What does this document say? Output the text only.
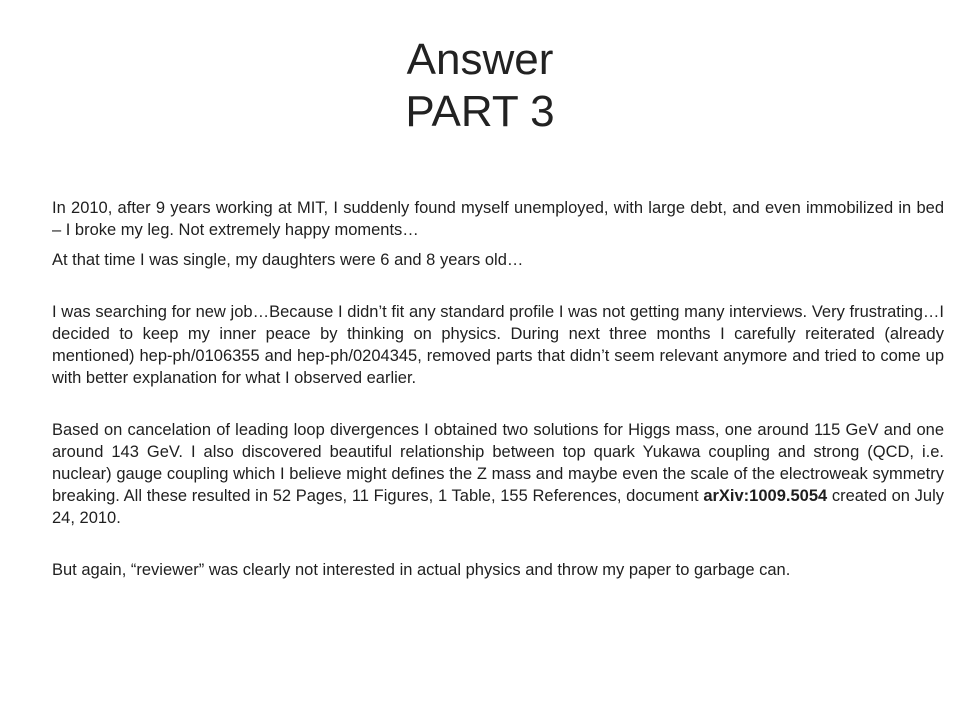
Answer
PART 3

In 2010, after 9 years working at MIT, I suddenly found myself unemployed, with large debt, and even immobilized in bed – I broke my leg. Not extremely happy moments…

At that time I was single, my daughters were 6 and 8 years old…

I was searching for new job…Because I didn’t fit any standard profile I was not getting many interviews. Very frustrating…I decided to keep my inner peace by thinking on physics. During next three months I carefully reiterated (already mentioned) hep-ph/0106355 and hep-ph/0204345, removed parts that didn’t seem relevant anymore and tried to come up with better explanation for what I observed earlier.

Based on cancelation of leading loop divergences I obtained two solutions for Higgs mass, one around 115 GeV and one around 143 GeV. I also discovered beautiful relationship between top quark Yukawa coupling and strong (QCD, i.e. nuclear) gauge coupling which I believe might defines the Z mass and maybe even the scale of the electroweak symmetry breaking. All these resulted in 52 Pages, 11 Figures, 1 Table, 155 References, document arXiv:1009.5054 created on July 24, 2010.

But again, “reviewer” was clearly not interested in actual physics and throw my paper to garbage can.
